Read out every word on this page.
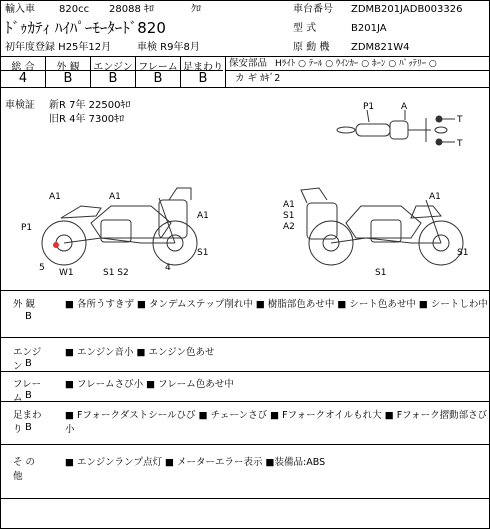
輸入車 820cc 28088 ｷﾛ	ｸﾛ
ﾄﾞｩｶﾃｨ ﾊｲﾊﾟｰﾓｰﾀｰﾄﾞ820
初年度登録 H25年12月	車検 R9年8月
車台番号 ZDMB201JADB003326
型 式	B201JA
原 動 機 ZDM821W4
総 合	外 観	エンジン フレーム 足まわり
4	B	B	B	B
保安部品 Hﾗｲﾄ ○ ﾃｰﾙ ○ ｳｲﾝｶｰ ○ ﾎｰﾝ ○ ﾊﾞｯﾃﾘｰ ○
カ ギ ｶｷﾞ2
車検証 新R 7年 22500ｷﾛ
旧R 4年 7300ｷﾛ
P1	A
T
T
A1	A1
A1
P1
S1
5 W1	S1 S2	4
A1
A1
S1
A2
S1
S1
外 観
B
■ 各所うすきず ■ タンデムステップ削れ中 ■ 樹脂部色あせ中 ■ シート色あせ中 ■ シートしわ中
エンジン B
■ エンジン音小 ■ エンジン色あせ
フレーム B
■ フレームさび小 ■ フレーム色あせ中
足まわり B
■ Fフォークダストシールひび ■ チェーンさび ■ Fフォークオイルもれ大 ■ Fフォーク摺動部さび小
そ の 他
■ エンジンランプ点灯 ■ メーターエラー表示 ■装備品:ABS
